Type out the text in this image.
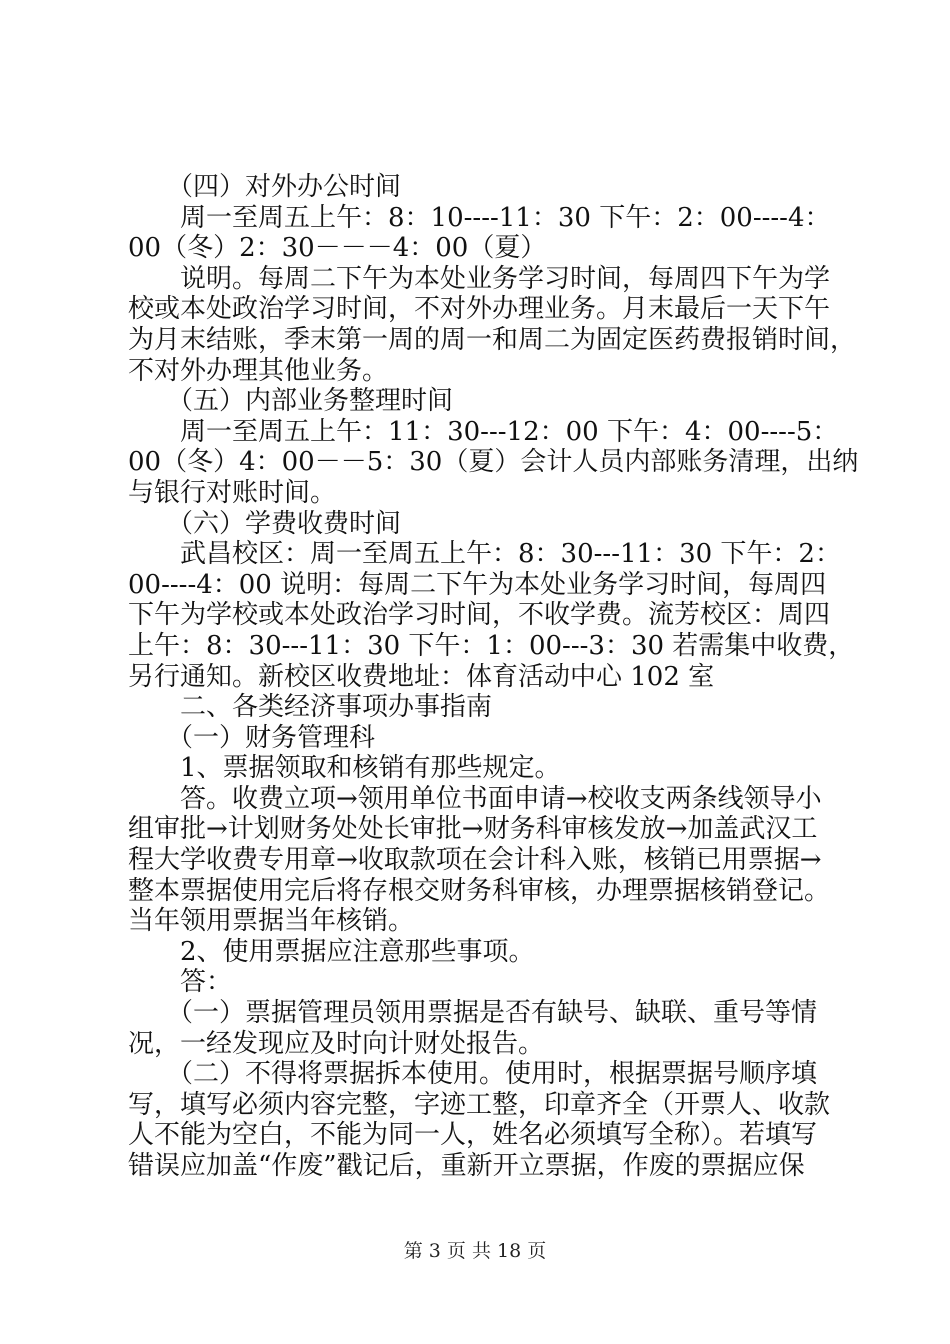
　　（四）对外办公时间
　　周一至周五上午：8：10----11：30 下午：2：00----4：
00（冬）2：30－－－4：00（夏）
　　说明。每周二下午为本处业务学习时间，每周四下午为学
校或本处政治学习时间，不对外办理业务。月末最后一天下午
为月末结账，季末第一周的周一和周二为固定医药费报销时间，
不对外办理其他业务。
　　（五）内部业务整理时间
　　周一至周五上午：11：30---12：00 下午：4：00----5：
00（冬）4：00－－5：30（夏）会计人员内部账务清理，出纳
与银行对账时间。
　　（六）学费收费时间
　　武昌校区：周一至周五上午：8：30---11：30 下午：2：
00----4：00 说明：每周二下午为本处业务学习时间，每周四
下午为学校或本处政治学习时间，不收学费。流芳校区：周四
上午：8：30---11：30 下午：1：00---3：30 若需集中收费，
另行通知。新校区收费地址：体育活动中心 102 室
　　二、各类经济事项办事指南
　　（一）财务管理科
　　1、票据领取和核销有那些规定。
　　答。收费立项→领用单位书面申请→校收支两条线领导小
组审批→计划财务处处长审批→财务科审核发放→加盖武汉工
程大学收费专用章→收取款项在会计科入账，核销已用票据→
整本票据使用完后将存根交财务科审核，办理票据核销登记。
当年领用票据当年核销。
　　2、使用票据应注意那些事项。
　　答：
　　（一）票据管理员领用票据是否有缺号、缺联、重号等情
况，一经发现应及时向计财处报告。
　　（二）不得将票据拆本使用。使用时，根据票据号顺序填
写，填写必须内容完整，字迹工整，印章齐全（开票人、收款
人不能为空白，不能为同一人，姓名必须填写全称）。若填写
错误应加盖“作废”戳记后，重新开立票据，作废的票据应保
第 3 页 共 18 页
